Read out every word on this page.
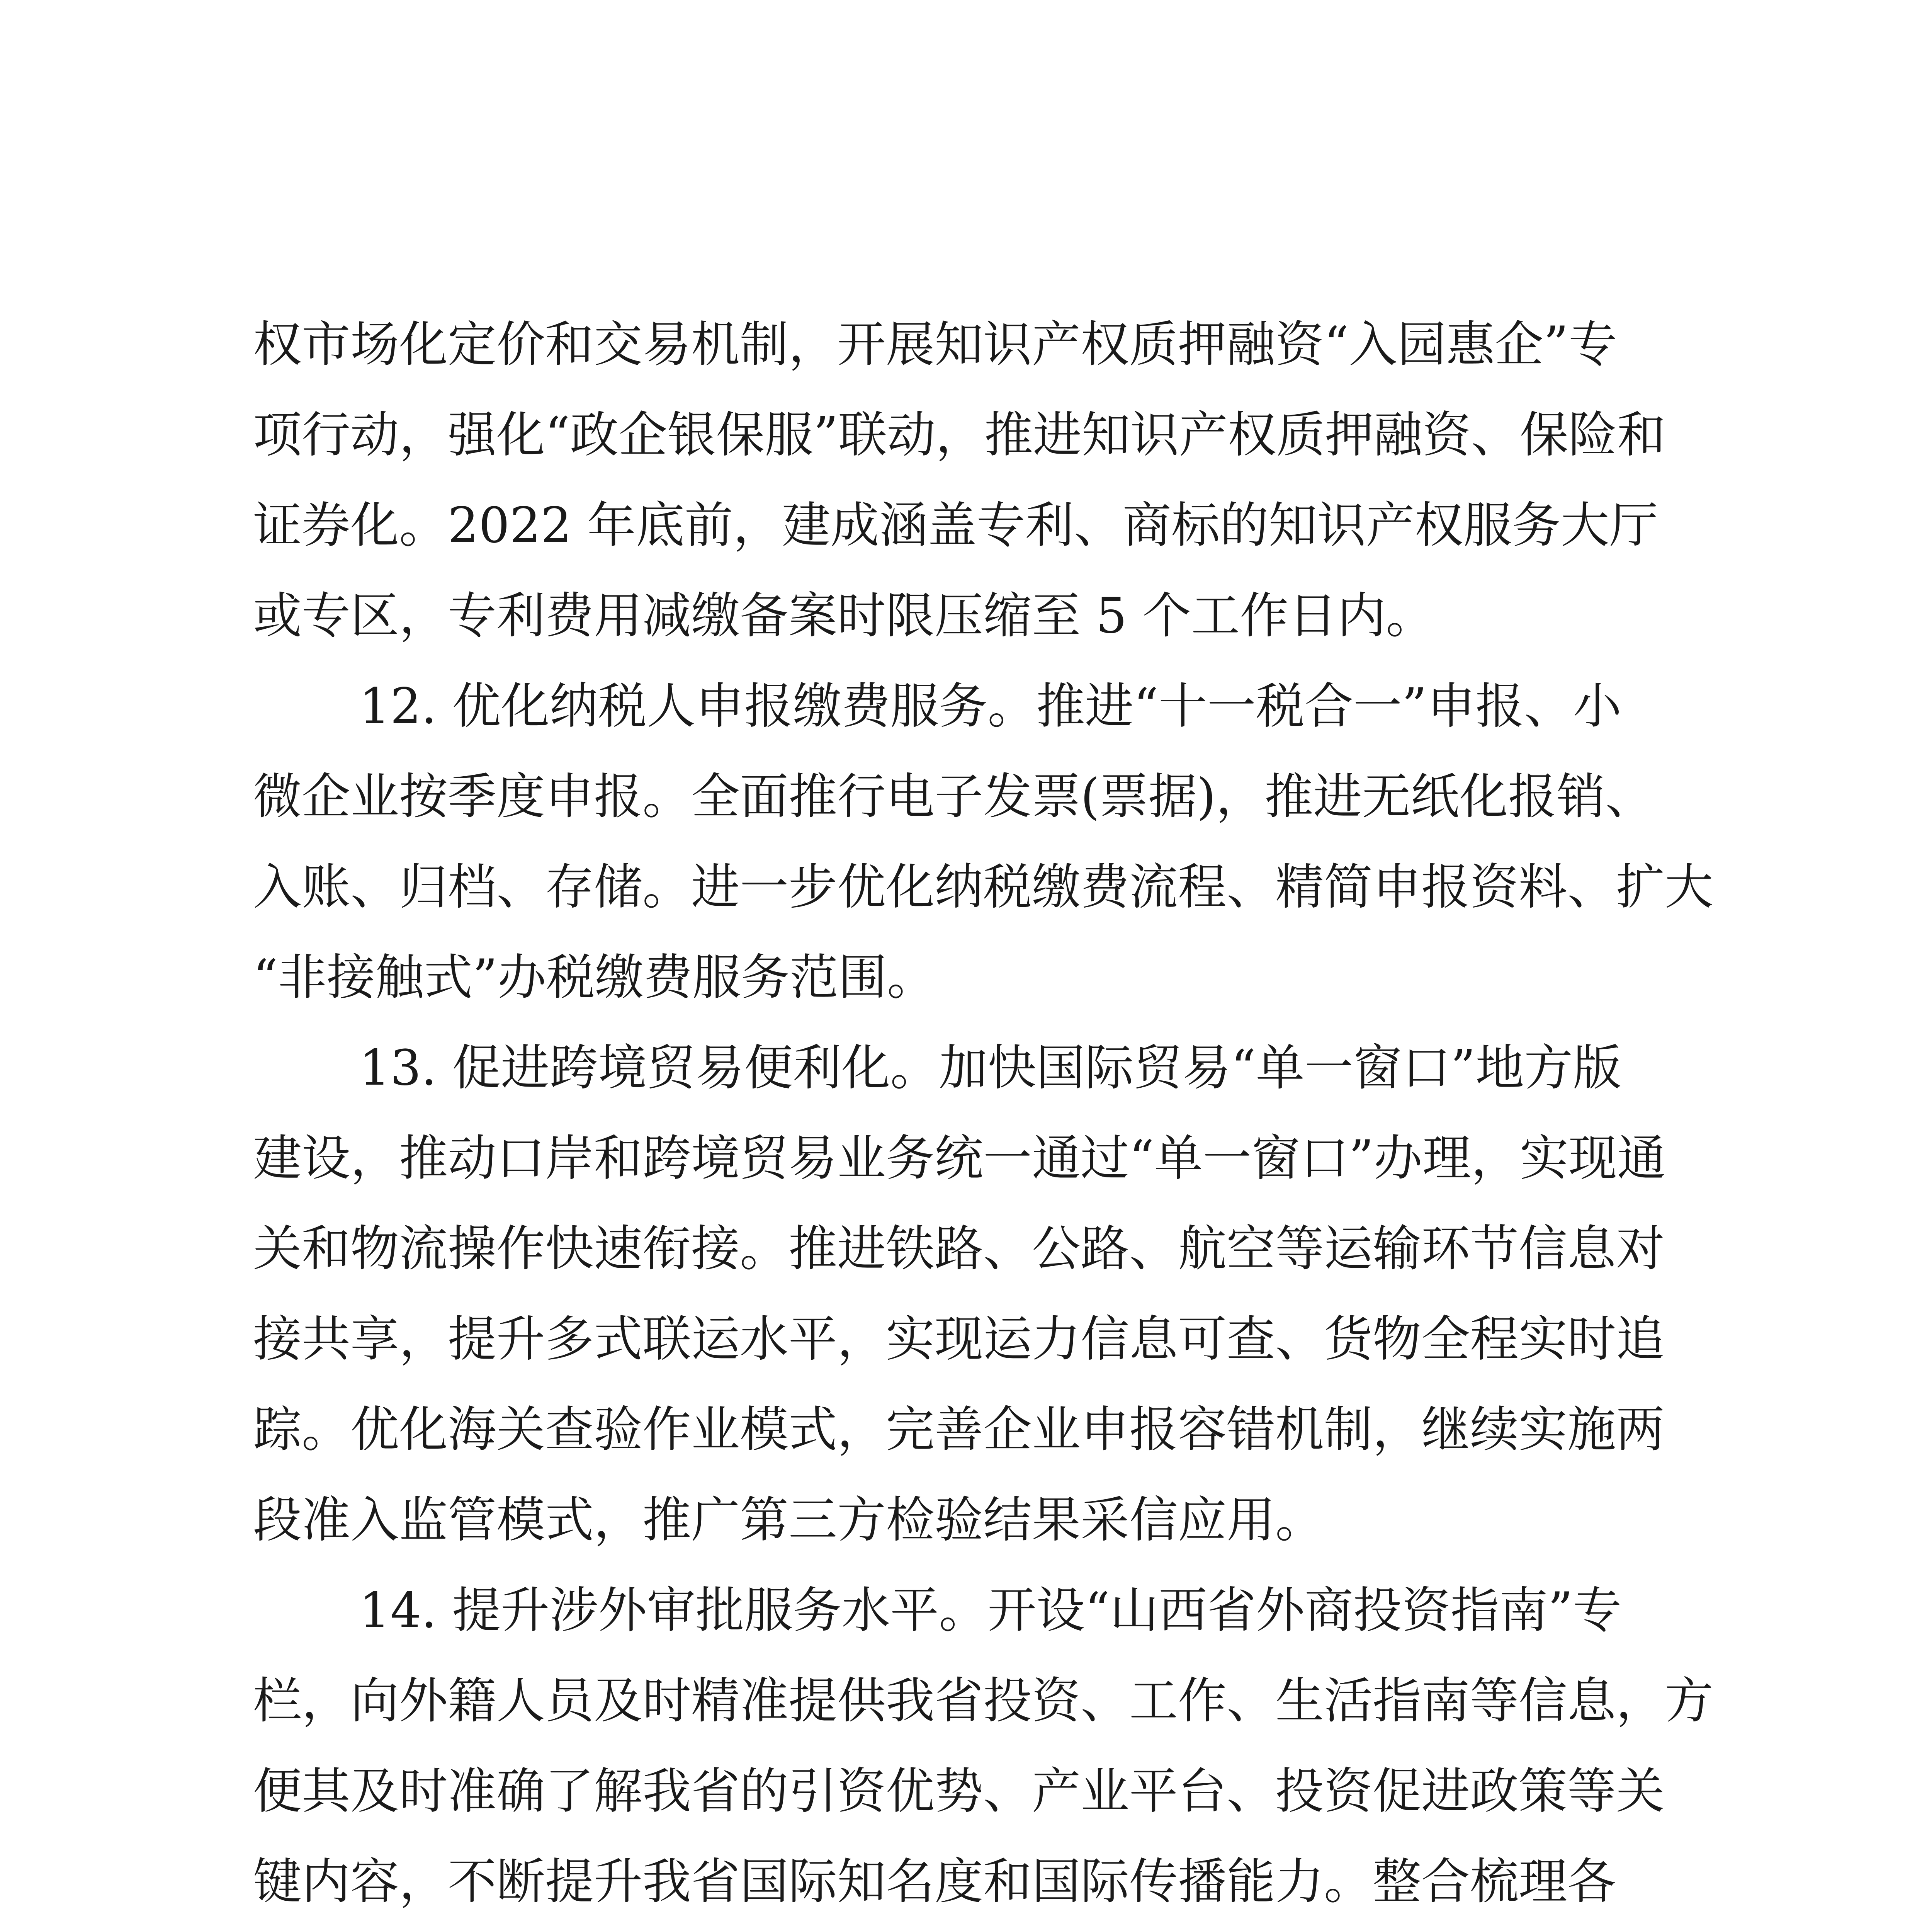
权市场化定价和交易机制，开展知识产权质押融资“入园惠企”专
项行动，强化“政企银保服”联动，推进知识产权质押融资、保险和
证券化。2022 年底前，建成涵盖专利、商标的知识产权服务大厅
或专区，专利费用减缴备案时限压缩至 5 个工作日内。
12. 优化纳税人申报缴费服务。推进“十一税合一”申报、小
微企业按季度申报。全面推行电子发票(票据)，推进无纸化报销、
入账、归档、存储。进一步优化纳税缴费流程、精简申报资料、扩大
“非接触式”办税缴费服务范围。
13. 促进跨境贸易便利化。加快国际贸易“单一窗口”地方版
建设，推动口岸和跨境贸易业务统一通过“单一窗口”办理，实现通
关和物流操作快速衔接。推进铁路、公路、航空等运输环节信息对
接共享，提升多式联运水平，实现运力信息可查、货物全程实时追
踪。优化海关查验作业模式，完善企业申报容错机制，继续实施两
段准入监管模式，推广第三方检验结果采信应用。
14. 提升涉外审批服务水平。开设“山西省外商投资指南”专
栏，向外籍人员及时精准提供我省投资、工作、生活指南等信息，方
便其及时准确了解我省的引资优势、产业平台、投资促进政策等关
键内容，不断提升我省国际知名度和国际传播能力。整合梳理各
